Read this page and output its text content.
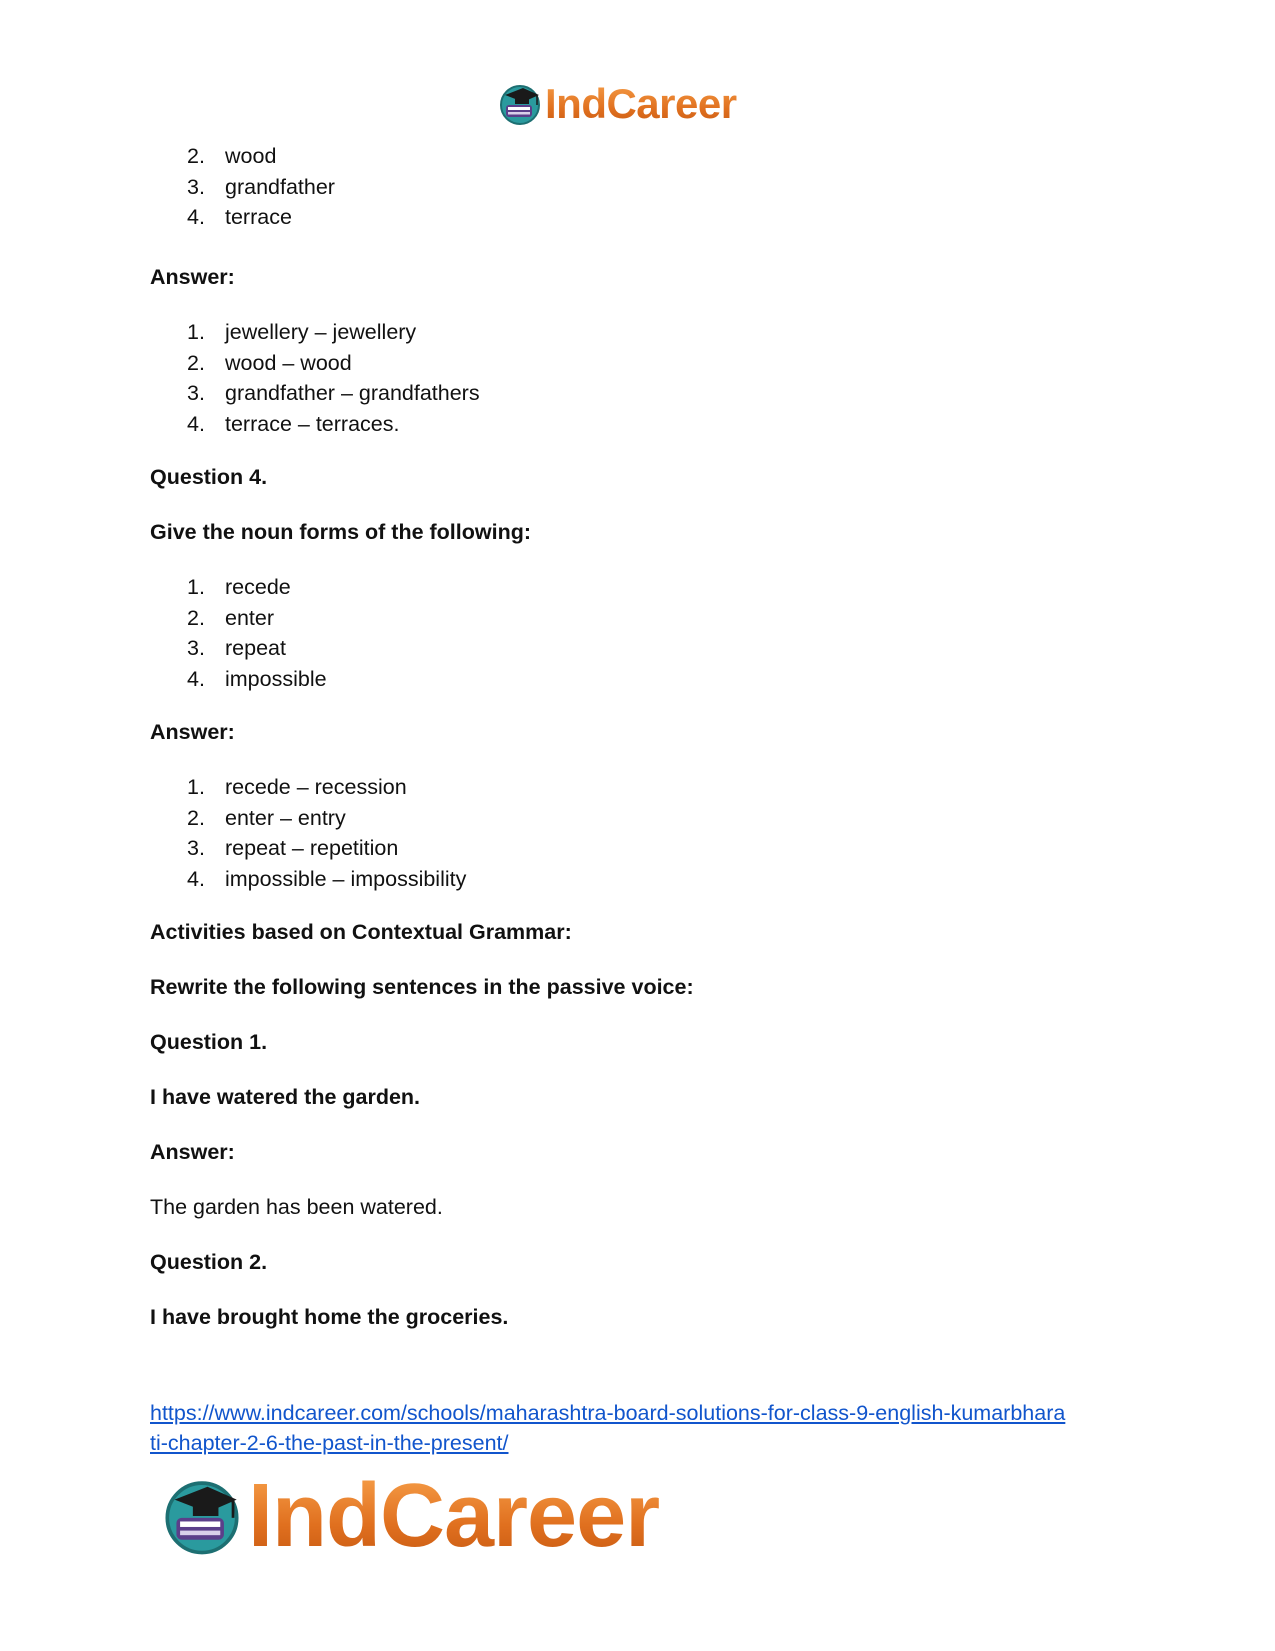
IndCareer
2. wood
3. grandfather
4. terrace
Answer:
1. jewellery – jewellery
2. wood – wood
3. grandfather – grandfathers
4. terrace – terraces.
Question 4.
Give the noun forms of the following:
1. recede
2. enter
3. repeat
4. impossible
Answer:
1. recede – recession
2. enter – entry
3. repeat – repetition
4. impossible – impossibility
Activities based on Contextual Grammar:
Rewrite the following sentences in the passive voice:
Question 1.
I have watered the garden.
Answer:
The garden has been watered.
Question 2.
I have brought home the groceries.
https://www.indcareer.com/schools/maharashtra-board-solutions-for-class-9-english-kumarbhara
ti-chapter-2-6-the-past-in-the-present/
IndCareer
